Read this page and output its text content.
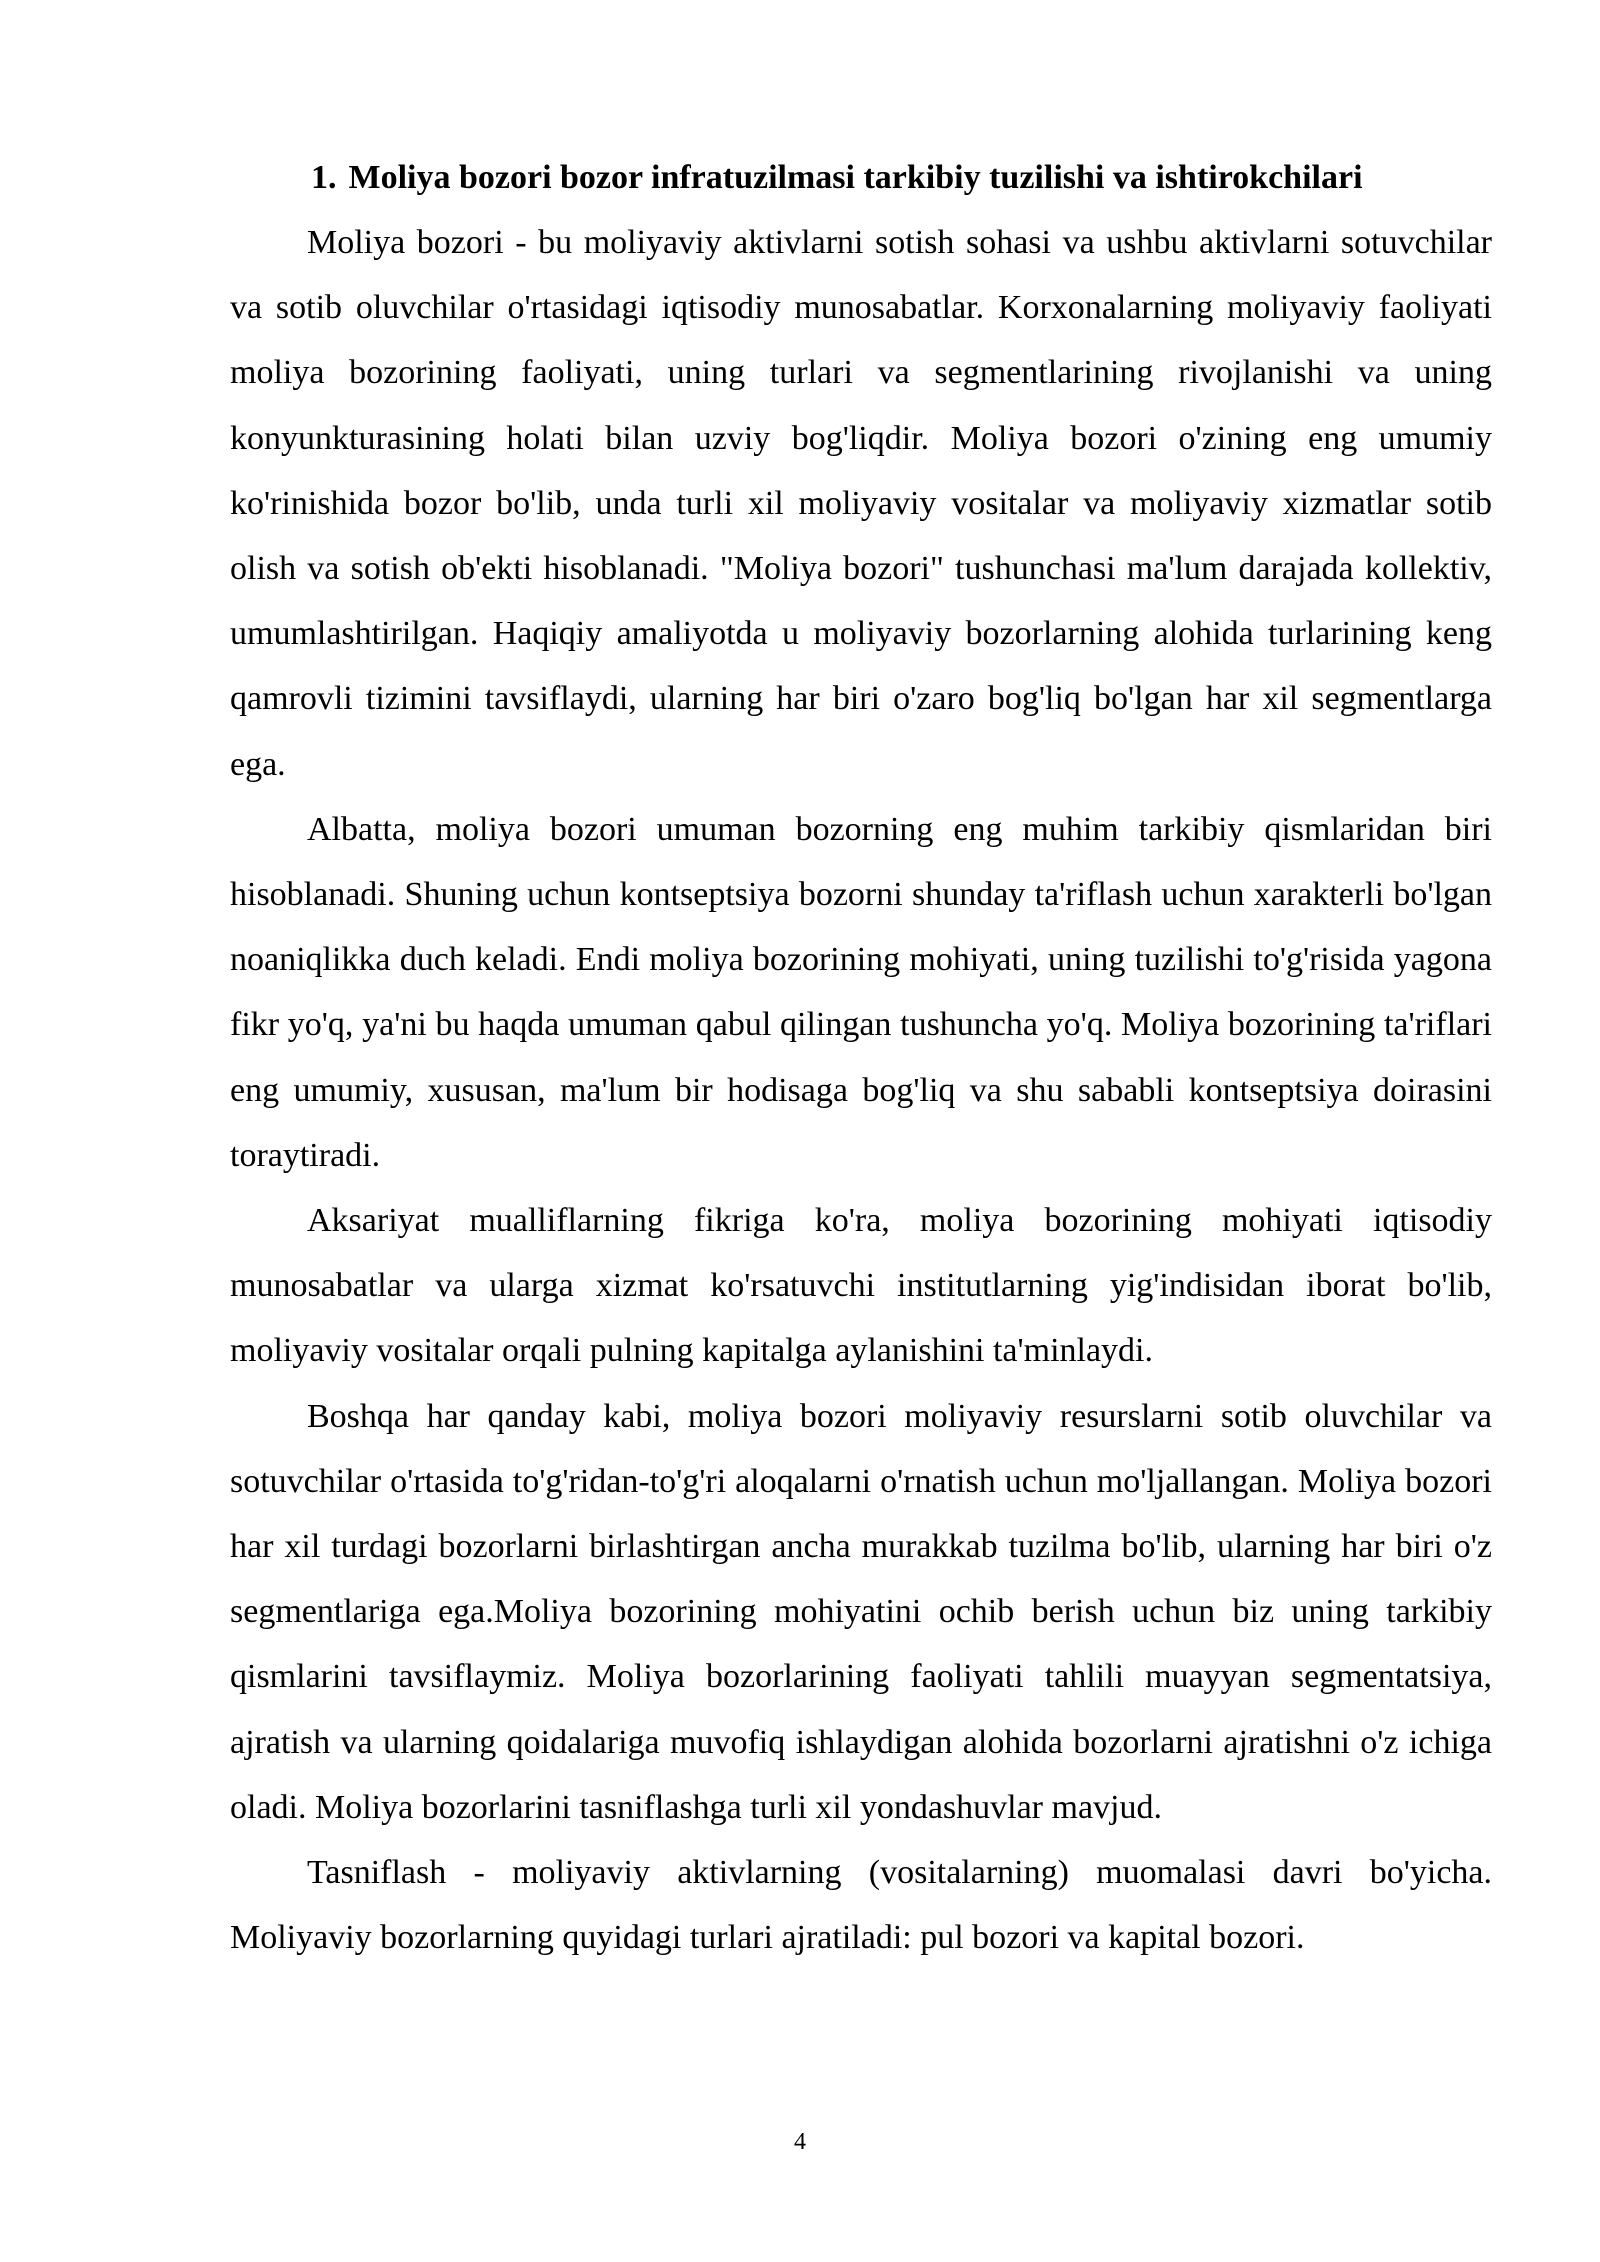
1. Moliya bozori bozor infratuzilmasi tarkibiy tuzilishi va ishtirokchilari

Moliya bozori - bu moliyaviy aktivlarni sotish sohasi va ushbu aktivlarni sotuvchilar va sotib oluvchilar o'rtasidagi iqtisodiy munosabatlar. Korxonalarning moliyaviy faoliyati moliya bozorining faoliyati, uning turlari va segmentlarining rivojlanishi va uning konyunkturasining holati bilan uzviy bog'liqdir. Moliya bozori o'zining eng umumiy ko'rinishida bozor bo'lib, unda turli xil moliyaviy vositalar va moliyaviy xizmatlar sotib olish va sotish ob'ekti hisoblanadi. "Moliya bozori" tushunchasi ma'lum darajada kollektiv, umumlashtirilgan. Haqiqiy amaliyotda u moliyaviy bozorlarning alohida turlarining keng qamrovli tizimini tavsiflaydi, ularning har biri o'zaro bog'liq bo'lgan har xil segmentlarga ega.

Albatta, moliya bozori umuman bozorning eng muhim tarkibiy qismlaridan biri hisoblanadi. Shuning uchun kontseptsiya bozorni shunday ta'riflash uchun xarakterli bo'lgan noaniqlikka duch keladi. Endi moliya bozorining mohiyati, uning tuzilishi to'g'risida yagona fikr yo'q, ya'ni bu haqda umuman qabul qilingan tushuncha yo'q. Moliya bozorining ta'riflari eng umumiy, xususan, ma'lum bir hodisaga bog'liq va shu sababli kontseptsiya doirasini toraytiradi.

Aksariyat mualliflarning fikriga ko'ra, moliya bozorining mohiyati iqtisodiy munosabatlar va ularga xizmat ko'rsatuvchi institutlarning yig'indisidan iborat bo'lib, moliyaviy vositalar orqali pulning kapitalga aylanishini ta'minlaydi.

Boshqa har qanday kabi, moliya bozori moliyaviy resurslarni sotib oluvchilar va sotuvchilar o'rtasida to'g'ridan-to'g'ri aloqalarni o'rnatish uchun mo'ljallangan. Moliya bozori har xil turdagi bozorlarni birlashtirgan ancha murakkab tuzilma bo'lib, ularning har biri o'z segmentlariga ega.Moliya bozorining mohiyatini ochib berish uchun biz uning tarkibiy qismlarini tavsiflaymiz. Moliya bozorlarining faoliyati tahlili muayyan segmentatsiya, ajratish va ularning qoidalariga muvofiq ishlaydigan alohida bozorlarni ajratishni o'z ichiga oladi. Moliya bozorlarini tasniflashga turli xil yondashuvlar mavjud.

Tasniflash - moliyaviy aktivlarning (vositalarning) muomalasi davri bo'yicha. Moliyaviy bozorlarning quyidagi turlari ajratiladi: pul bozori va kapital bozori.

4
